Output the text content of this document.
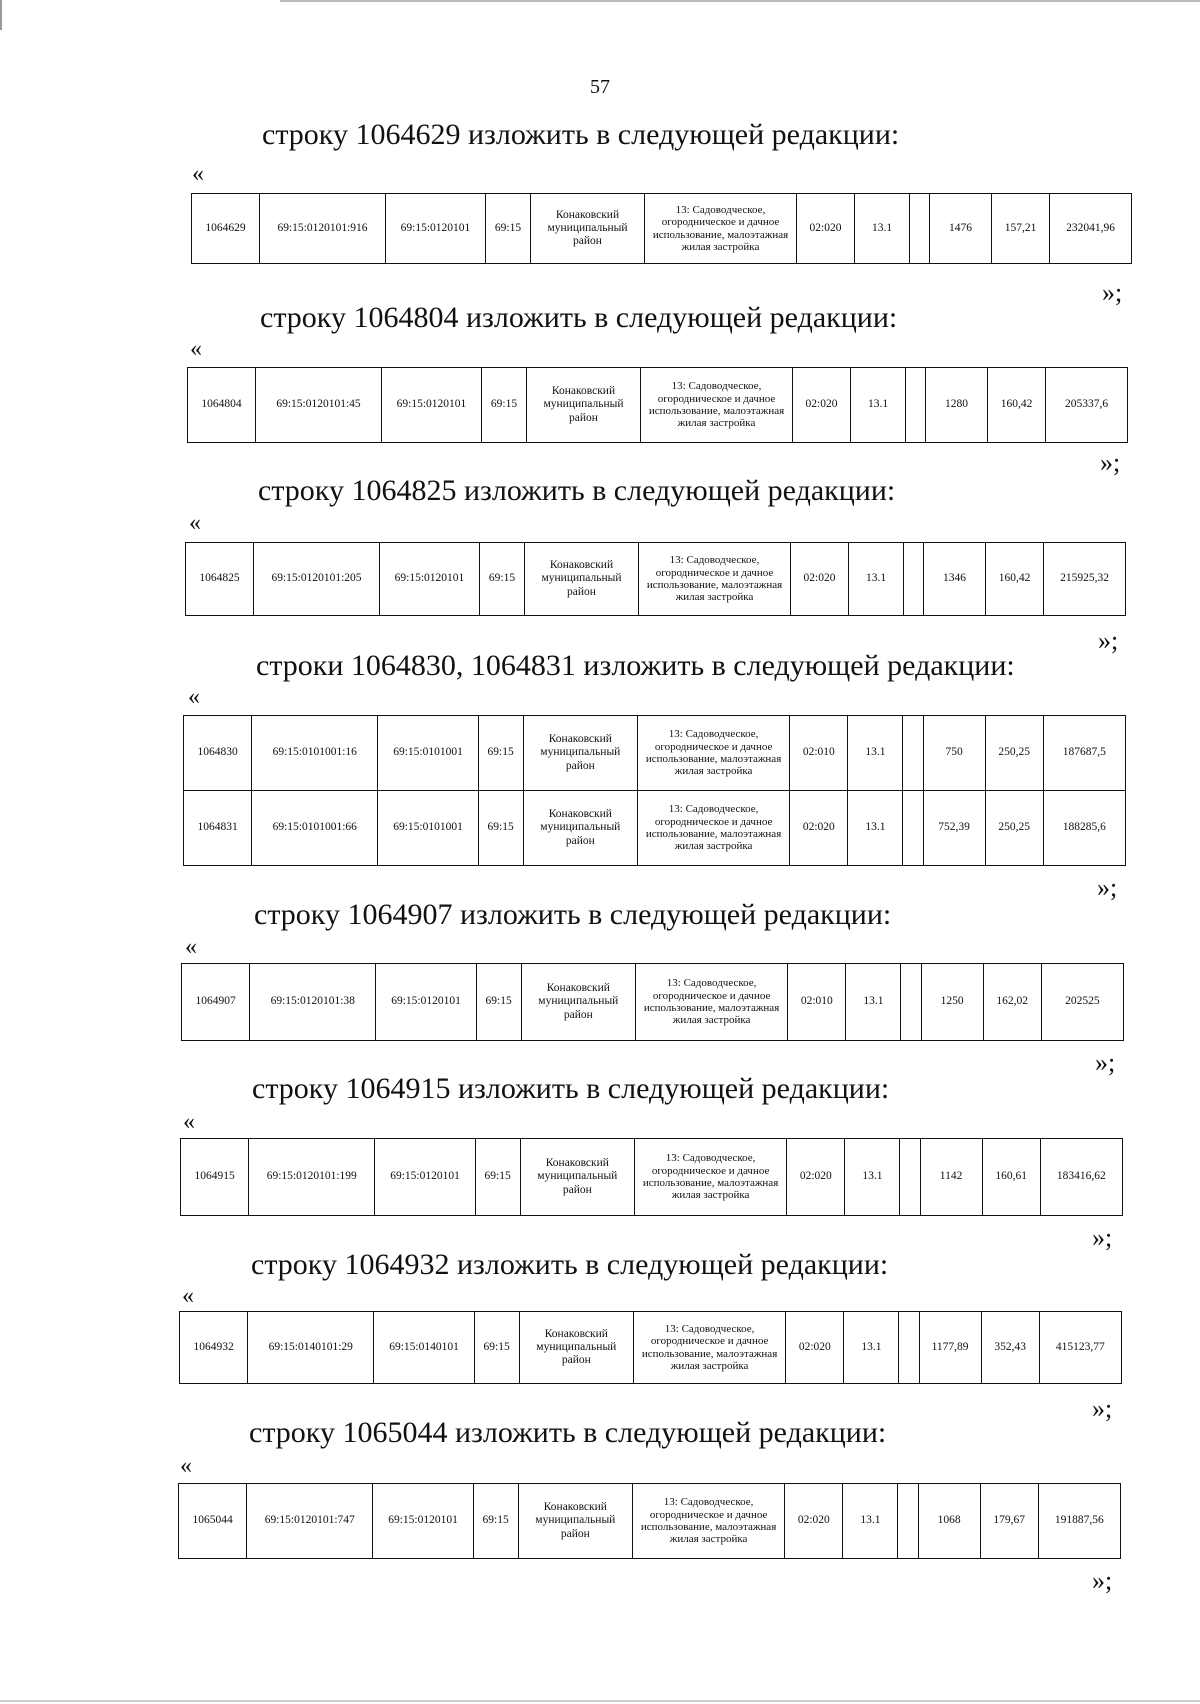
57
строку 1064629 изложить в следующей редакции:
«
1064629	69:15:0120101:916	69:15:0120101	69:15	Конаковский муниципальный район	13: Садоводческое, огородническое и дачное использование, малоэтажная жилая застройка	02:020	13.1		1476	157,21	232041,96
»;
строку 1064804 изложить в следующей редакции:
«
1064804	69:15:0120101:45	69:15:0120101	69:15	Конаковский муниципальный район	13: Садоводческое, огородническое и дачное использование, малоэтажная жилая застройка	02:020	13.1		1280	160,42	205337,6
»;
строку 1064825 изложить в следующей редакции:
«
1064825	69:15:0120101:205	69:15:0120101	69:15	Конаковский муниципальный район	13: Садоводческое, огородническое и дачное использование, малоэтажная жилая застройка	02:020	13.1		1346	160,42	215925,32
»;
строки 1064830, 1064831 изложить в следующей редакции:
«
1064830	69:15:0101001:16	69:15:0101001	69:15	Конаковский муниципальный район	13: Садоводческое, огородническое и дачное использование, малоэтажная жилая застройка	02:010	13.1		750	250,25	187687,5
1064831	69:15:0101001:66	69:15:0101001	69:15	Конаковский муниципальный район	13: Садоводческое, огородническое и дачное использование, малоэтажная жилая застройка	02:020	13.1		752,39	250,25	188285,6
»;
строку 1064907 изложить в следующей редакции:
«
1064907	69:15:0120101:38	69:15:0120101	69:15	Конаковский муниципальный район	13: Садоводческое, огородническое и дачное использование, малоэтажная жилая застройка	02:010	13.1		1250	162,02	202525
»;
строку 1064915 изложить в следующей редакции:
«
1064915	69:15:0120101:199	69:15:0120101	69:15	Конаковский муниципальный район	13: Садоводческое, огородническое и дачное использование, малоэтажная жилая застройка	02:020	13.1		1142	160,61	183416,62
»;
строку 1064932 изложить в следующей редакции:
«
1064932	69:15:0140101:29	69:15:0140101	69:15	Конаковский муниципальный район	13: Садоводческое, огородническое и дачное использование, малоэтажная жилая застройка	02:020	13.1		1177,89	352,43	415123,77
»;
строку 1065044 изложить в следующей редакции:
«
1065044	69:15:0120101:747	69:15:0120101	69:15	Конаковский муниципальный район	13: Садоводческое, огородническое и дачное использование, малоэтажная жилая застройка	02:020	13.1		1068	179,67	191887,56
»;
